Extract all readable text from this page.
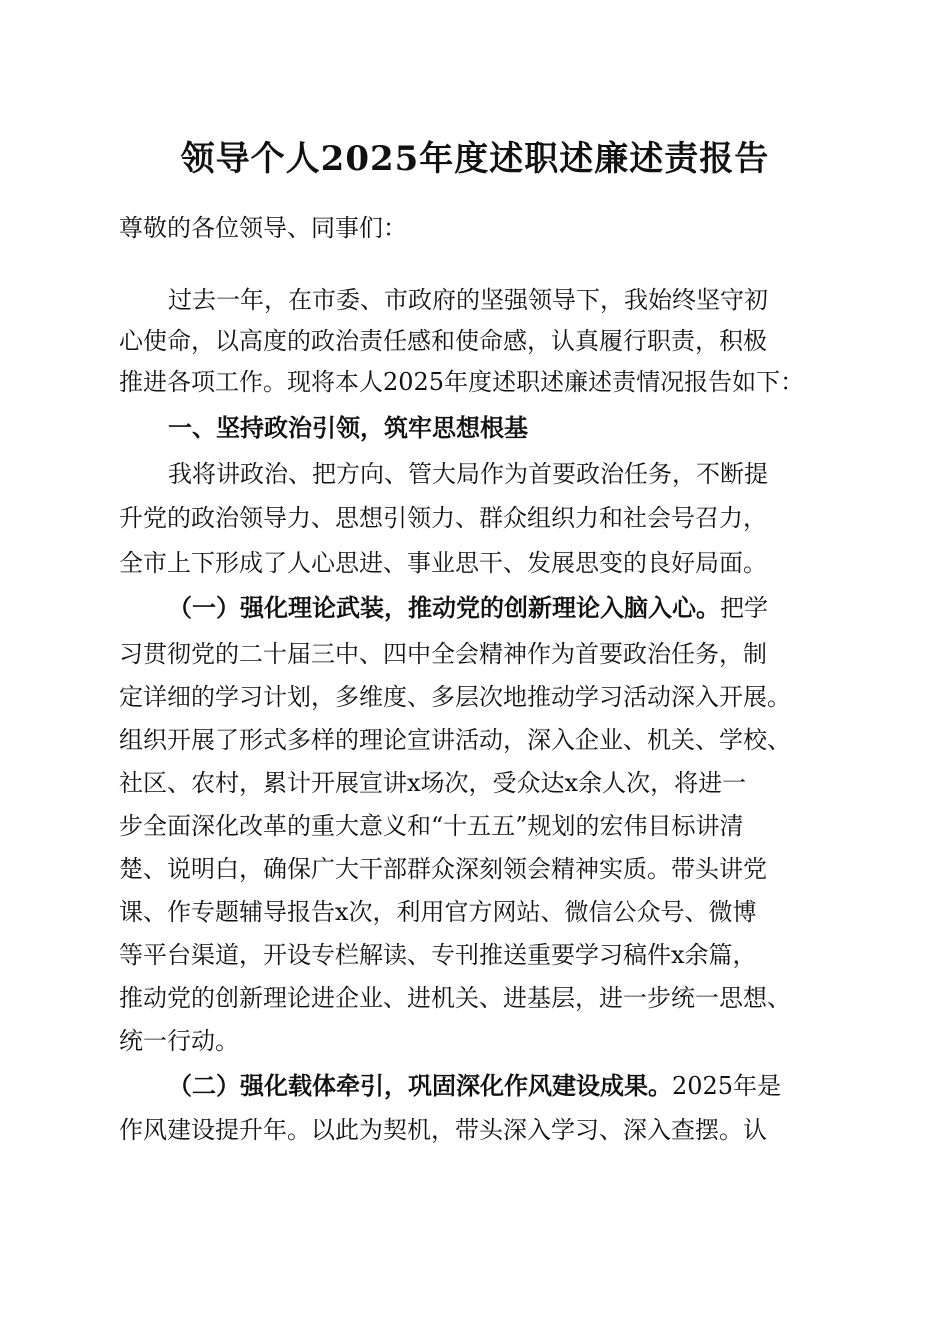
领导个人2025年度述职述廉述责报告
尊敬的各位领导、同事们：
过去一年，在市委、市政府的坚强领导下，我始终坚守初
心使命，以高度的政治责任感和使命感，认真履行职责，积极
推进各项工作。现将本人2025年度述职述廉述责情况报告如下：
一、坚持政治引领，筑牢思想根基
我将讲政治、把方向、管大局作为首要政治任务，不断提
升党的政治领导力、思想引领力、群众组织力和社会号召力，
全市上下形成了人心思进、事业思干、发展思变的良好局面。
（一）强化理论武装，推动党的创新理论入脑入心。把学
习贯彻党的二十届三中、四中全会精神作为首要政治任务，制
定详细的学习计划，多维度、多层次地推动学习活动深入开展。
组织开展了形式多样的理论宣讲活动，深入企业、机关、学校、
社区、农村，累计开展宣讲x场次，受众达x余人次，将进一
步全面深化改革的重大意义和“十五五”规划的宏伟目标讲清
楚、说明白，确保广大干部群众深刻领会精神实质。带头讲党
课、作专题辅导报告x次，利用官方网站、微信公众号、微博
等平台渠道，开设专栏解读、专刊推送重要学习稿件x余篇，
推动党的创新理论进企业、进机关、进基层，进一步统一思想、
统一行动。
（二）强化载体牵引，巩固深化作风建设成果。2025年是
作风建设提升年。以此为契机，带头深入学习、深入查摆。认
